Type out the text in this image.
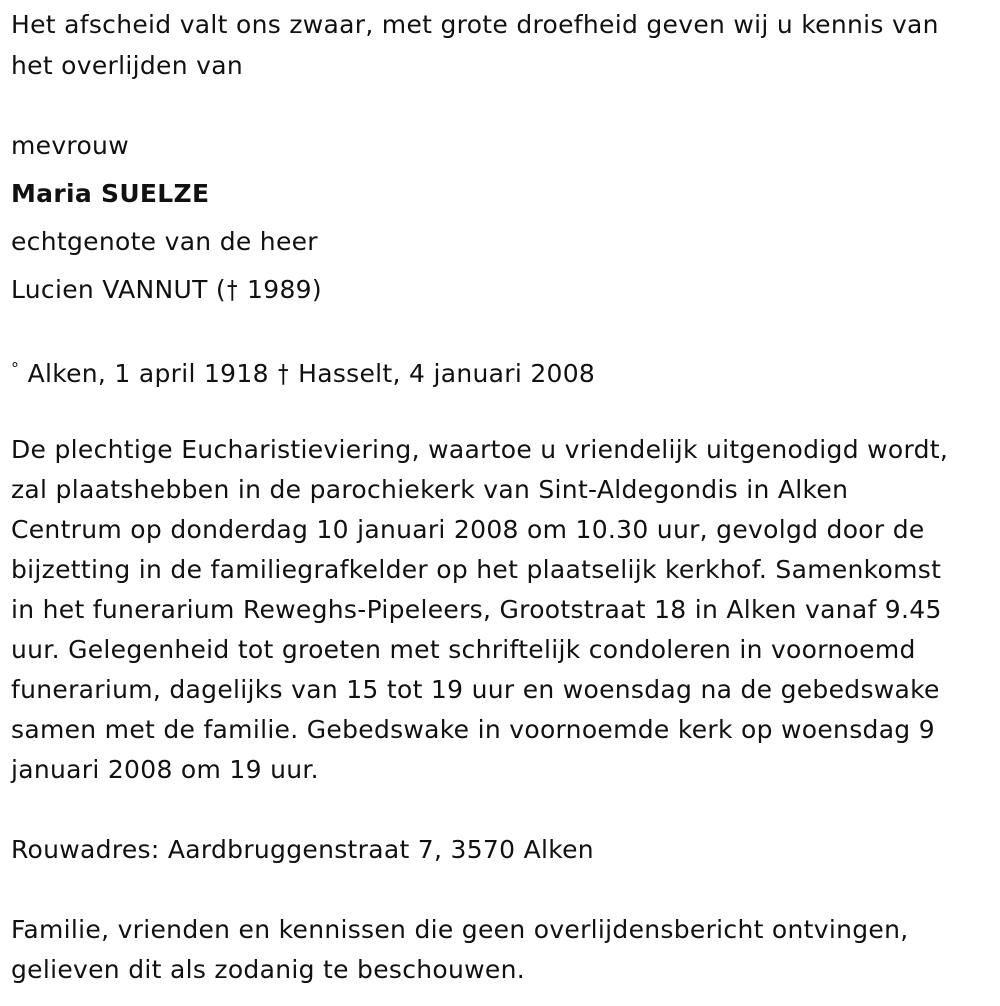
Het afscheid valt ons zwaar, met grote droefheid geven wij u kennis van
het overlijden van
mevrouw
Maria SUELZE
echtgenote van de heer
Lucien VANNUT († 1989)
° Alken, 1 april 1918 † Hasselt, 4 januari 2008
De plechtige Eucharistieviering, waartoe u vriendelijk uitgenodigd wordt,
zal plaatshebben in de parochiekerk van Sint-Aldegondis in Alken
Centrum op donderdag 10 januari 2008 om 10.30 uur, gevolgd door de
bijzetting in de familiegrafkelder op het plaatselijk kerkhof. Samenkomst
in het funerarium Reweghs-Pipeleers, Grootstraat 18 in Alken vanaf 9.45
uur. Gelegenheid tot groeten met schriftelijk condoleren in voornoemd
funerarium, dagelijks van 15 tot 19 uur en woensdag na de gebedswake
samen met de familie. Gebedswake in voornoemde kerk op woensdag 9
januari 2008 om 19 uur.
Rouwadres: Aardbruggenstraat 7, 3570 Alken
Familie, vrienden en kennissen die geen overlijdensbericht ontvingen,
gelieven dit als zodanig te beschouwen.
